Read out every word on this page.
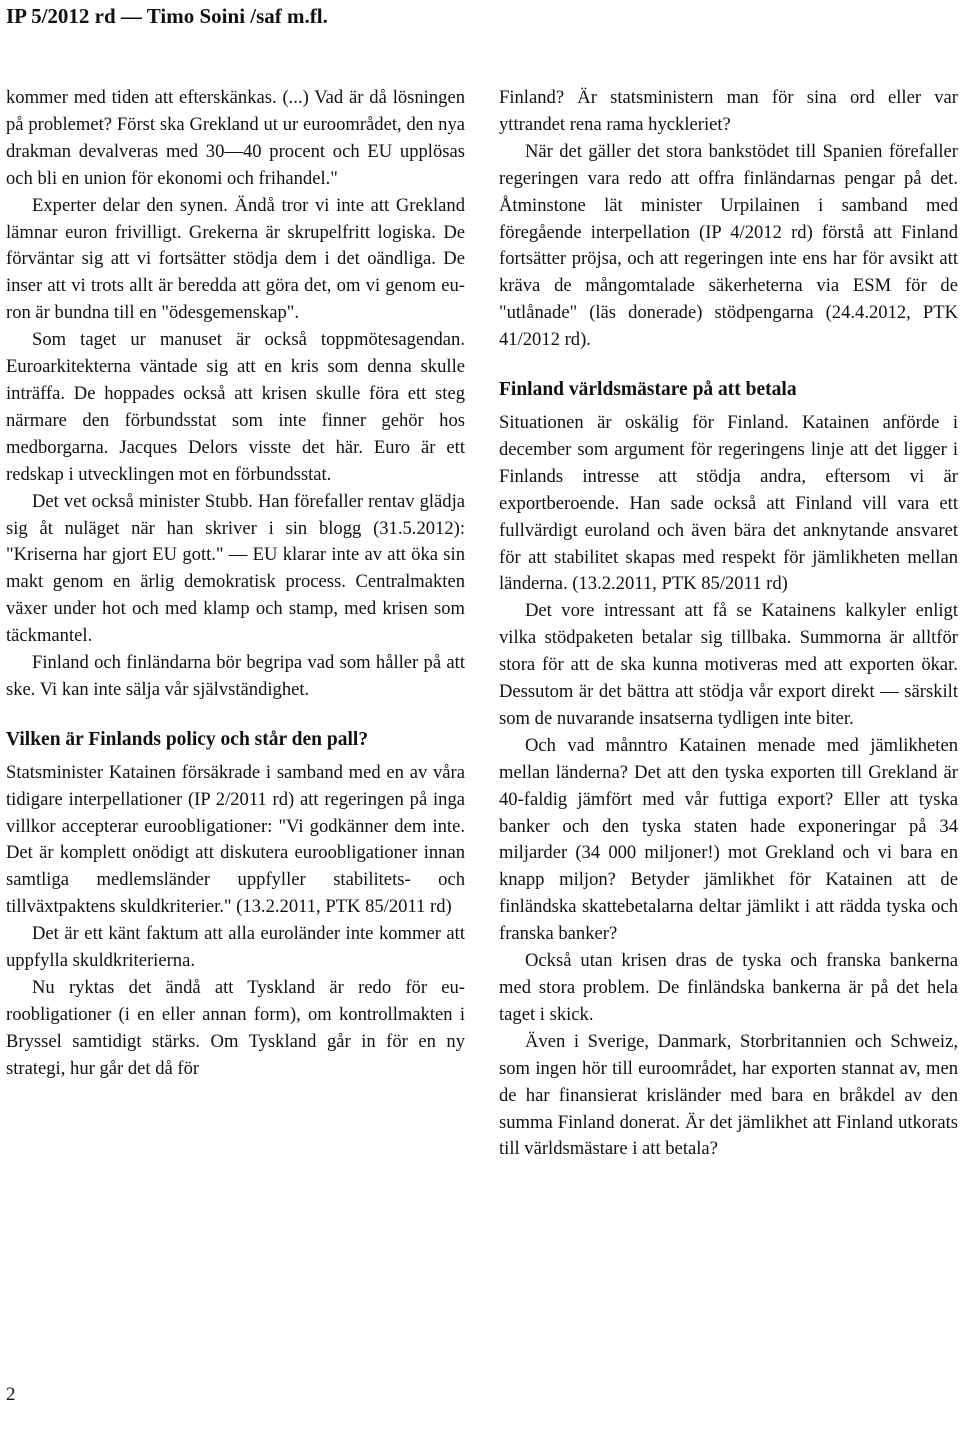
IP 5/2012 rd — Timo Soini /saf m.fl.

kommer med tiden att efterskänkas. (...) Vad är då lösningen på problemet? Först ska Grekland ut ur euroområdet, den nya drakman devalveras med 30—40 procent och EU upplösas och bli en union för ekonomi och frihandel."

Experter delar den synen. Ändå tror vi inte att Grekland lämnar euron frivilligt. Grekerna är skrupelfritt logiska. De förväntar sig att vi fortsätter stödja dem i det oändliga. De inser att vi trots allt är beredda att göra det, om vi genom euron är bundna till en "ödesgemenskap".

Som taget ur manuset är också toppmötesagendan. Euroarkitekterna väntade sig att en kris som denna skulle inträffa. De hoppades också att krisen skulle föra ett steg närmare den förbundsstat som inte finner gehör hos medborgarna. Jacques Delors visste det här. Euro är ett redskap i utvecklingen mot en förbundsstat.

Det vet också minister Stubb. Han förefaller rentav glädja sig åt nuläget när han skriver i sin blogg (31.5.2012): "Kriserna har gjort EU gott." — EU klarar inte av att öka sin makt genom en ärlig demokratisk process. Centralmakten växer under hot och med klamp och stamp, med krisen som täckmantel.

Finland och finländarna bör begripa vad som håller på att ske. Vi kan inte sälja vår självständighet.

Vilken är Finlands policy och står den pall?

Statsminister Katainen försäkrade i samband med en av våra tidigare interpellationer (IP 2/2011 rd) att regeringen på inga villkor accepterar euroobligationer: "Vi godkänner dem inte. Det är komplett onödigt att diskutera euroobligationer innan samtliga medlemsländer uppfyller stabilitets- och tillväxtpaktens skuldkriterier." (13.2.2011, PTK 85/2011 rd)

Det är ett känt faktum att alla euroländer inte kommer att uppfylla skuldkriterierna.

Nu ryktas det ändå att Tyskland är redo för euroobligationer (i en eller annan form), om kontrollmakten i Bryssel samtidigt stärks. Om Tyskland går in för en ny strategi, hur går det då för

Finland? Är statsministern man för sina ord eller var yttrandet rena rama hyckleriet?

När det gäller det stora bankstödet till Spanien förefaller regeringen vara redo att offra finländarnas pengar på det. Åtminstone lät minister Urpilainen i samband med föregående interpellation (IP 4/2012 rd) förstå att Finland fortsätter pröjsa, och att regeringen inte ens har för avsikt att kräva de mångomtalade säkerheterna via ESM för de "utlånade" (läs donerade) stödpengarna (24.4.2012, PTK 41/2012 rd).

Finland världsmästare på att betala

Situationen är oskälig för Finland. Katainen anförde i december som argument för regeringens linje att det ligger i Finlands intresse att stödja andra, eftersom vi är exportberoende. Han sade också att Finland vill vara ett fullvärdigt euroland och även bära det anknytande ansvaret för att stabilitet skapas med respekt för jämlikheten mellan länderna. (13.2.2011, PTK 85/2011 rd)

Det vore intressant att få se Katainens kalkyler enligt vilka stödpaketen betalar sig tillbaka. Summorna är alltför stora för att de ska kunna motiveras med att exporten ökar. Dessutom är det bättra att stödja vår export direkt — särskilt som de nuvarande insatserna tydligen inte biter.

Och vad månntro Katainen menade med jämlikheten mellan länderna? Det att den tyska exporten till Grekland är 40-faldig jämfört med vår futtiga export? Eller att tyska banker och den tyska staten hade exponeringar på 34 miljarder (34 000 miljoner!) mot Grekland och vi bara en knapp miljon? Betyder jämlikhet för Katainen att de finländska skattebetalarna deltar jämlikt i att rädda tyska och franska banker?

Också utan krisen dras de tyska och franska bankerna med stora problem. De finländska bankerna är på det hela taget i skick.

Även i Sverige, Danmark, Storbritannien och Schweiz, som ingen hör till euroområdet, har exporten stannat av, men de har finansierat krisländer med bara en bråkdel av den summa Finland donerat. Är det jämlikhet att Finland utkorats till världsmästare i att betala?

2
